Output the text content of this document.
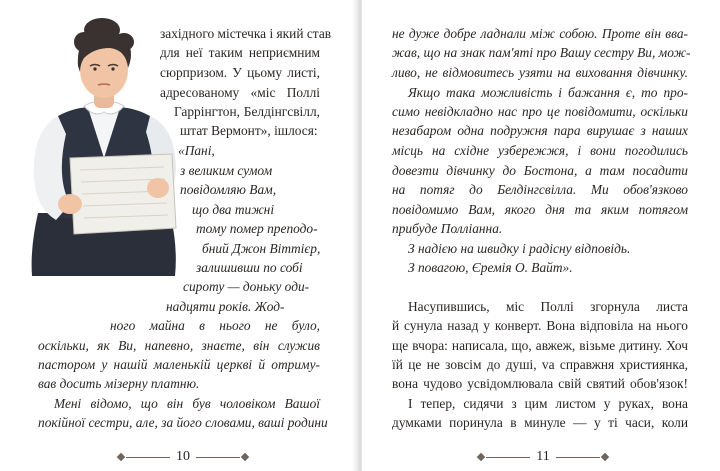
західного містечка і який став

для неї таким неприємним

сюрпризом. У цьому листі,

адресованому «міс Поллі

Гаррінгтон, Белдінгсвілл,

штат Вермонт», ішлося:

«Пані,

з великим сумом

повідомляю Вам,

що два тижні

тому помер преподо-

бний Джон Віттієр,

залишивши по собі

сироту — доньку оди-

надцяти років. Жод-

ного майна в нього не було,

оскільки, як Ви, напевно, знаєте, він служив

пастором у нашій маленькій церкві й отриму-

вав досить мізерну платню.

Мені відомо, що він був чоловіком Вашої

покійної сестри, але, за його словами, ваші родини

10

не дуже добре ладнали між собою. Проте він вва-

жав, що на знак пам'яті про Вашу сестру Ви, мож-

ливо, не відмовитесь узяти на виховання дівчинку.

Якщо така можливість і бажання є, то про-

симо невідкладно нас про це повідомити, оскільки

незабаром одна подружня пара вирушає з наших

місць на східне узбережжя, і вони погодились

довезти дівчинку до Бостона, а там посадити

на потяг до Белдінгсвілла. Ми обов'язково

повідомимо Вам, якого дня та яким потягом

прибуде Поллiанна.

З надією на швидку і радісну відповідь.

З повагою, Єремія О. Вайт».

Насупившись, міс Поллі згорнула листа

й сунула назад у конверт. Вона відповіла на нього

ще вчора: написала, що, авжеж, візьме дитину. Хоч

їй це не зовсім до душі, vа справжня християнка,

вона чудово усвідомлювала свій святий обов'язок!

І тепер, сидячи з цим листом у руках, вона

думками поринула в минуле — у ті часи, коли

11
